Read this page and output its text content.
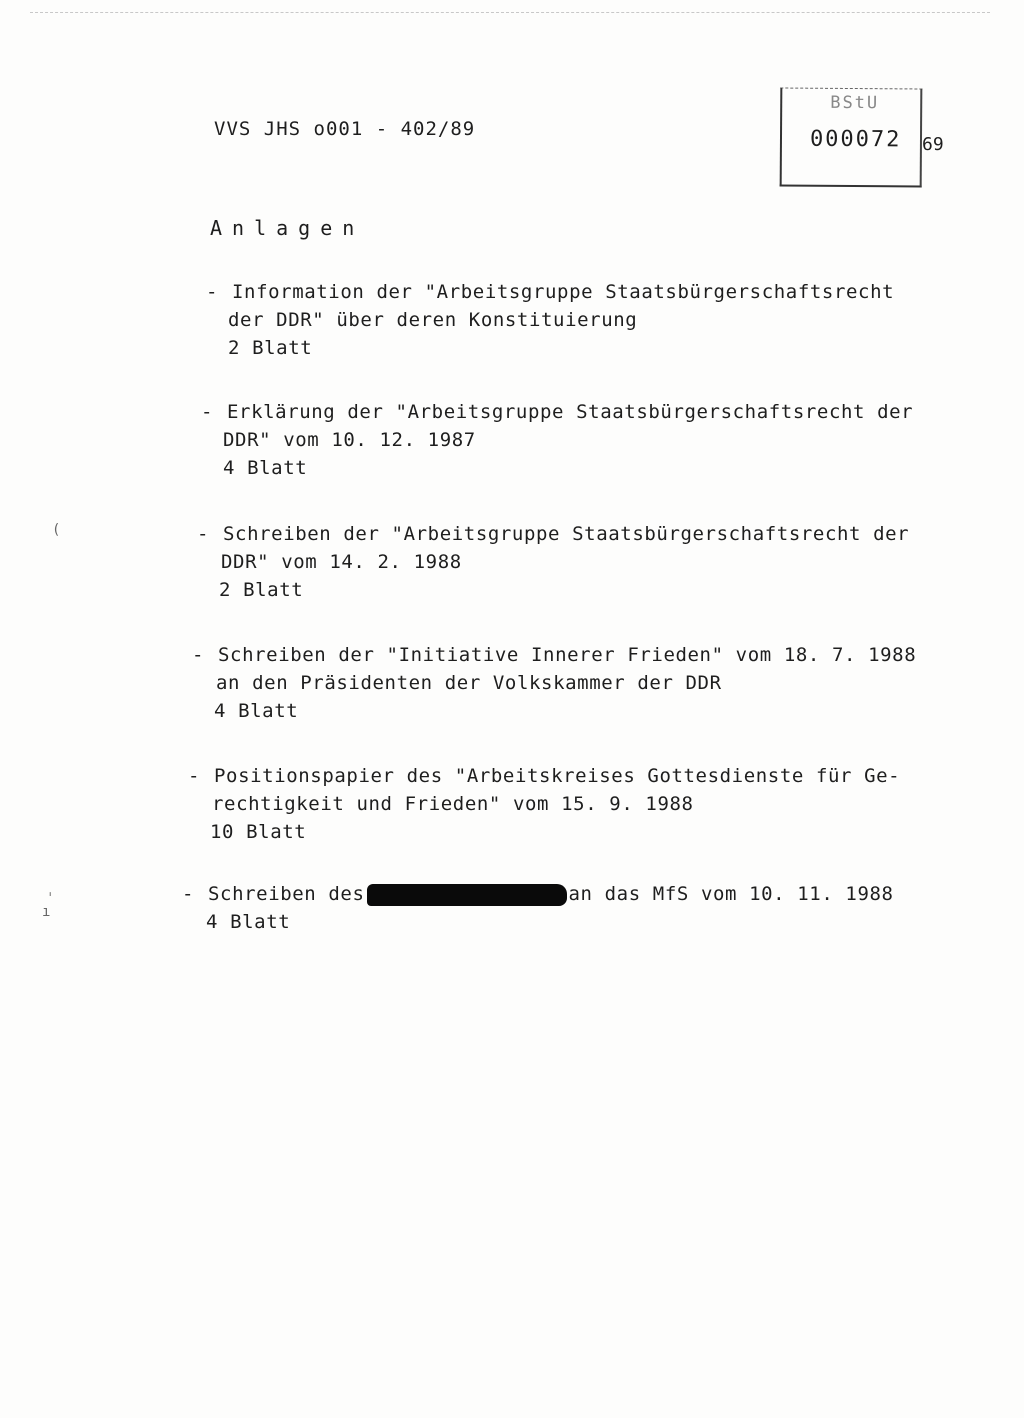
VVS JHS o001 - 402/89
BStU
000072 69
Anlagen
- Information der "Arbeitsgruppe Staatsbürgerschaftsrecht
der DDR" über deren Konstituierung
2 Blatt
- Erklärung der "Arbeitsgruppe Staatsbürgerschaftsrecht der
DDR" vom 10. 12. 1987
4 Blatt
- Schreiben der "Arbeitsgruppe Staatsbürgerschaftsrecht der
DDR" vom 14. 2. 1988
2 Blatt
- Schreiben der "Initiative Innerer Frieden" vom 18. 7. 1988
an den Präsidenten der Volkskammer der DDR
4 Blatt
- Positionspapier des "Arbeitskreises Gottesdienste für Ge-
rechtigkeit und Frieden" vom 15. 9. 1988
10 Blatt
- Schreiben des	an das MfS vom 10. 11. 1988
4 Blatt
(
ˌ
ı
